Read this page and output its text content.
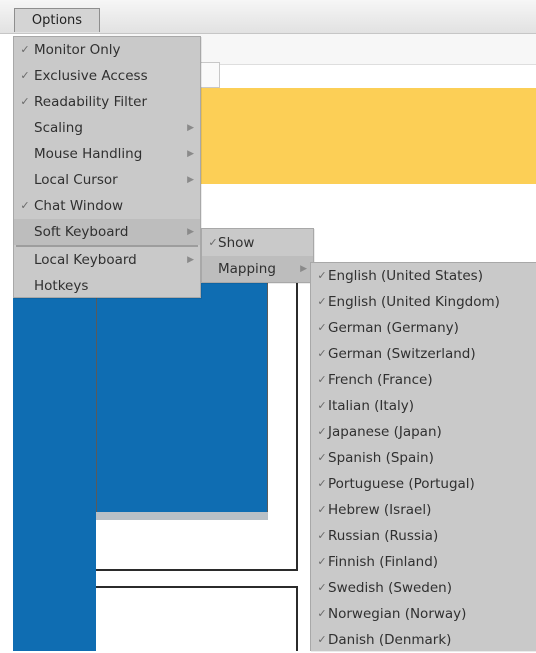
Options
✓ Monitor Only
✓ Exclusive Access
✓ Readability Filter
Scaling	▶
Mouse Handling	▶
Local Cursor	▶
✓ Chat Window
Soft Keyboard	▶
Local Keyboard	▶
Hotkeys
✓ Show
Mapping	▶ ✓ English (United States)
✓ English (United Kingdom)
✓ German (Germany)
✓ German (Switzerland)
✓ French (France)
✓ Italian (Italy)
✓ Japanese (Japan)
✓ Spanish (Spain)
✓ Portuguese (Portugal)
✓ Hebrew (Israel)
✓ Russian (Russia)
✓ Finnish (Finland)
✓ Swedish (Sweden)
✓ Norwegian (Norway)
✓ Danish (Denmark)
